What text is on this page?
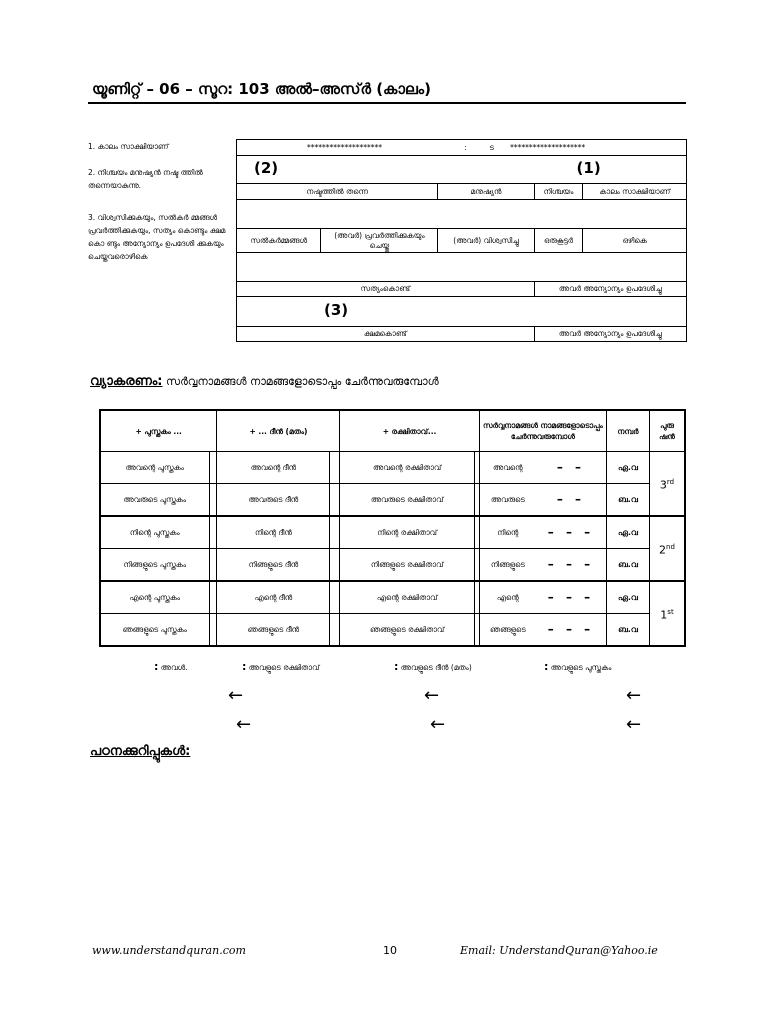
യൂണിറ്റ് – 06 – സൂറ: 103 അൽ–അസ്‌ർ (കാലം)
1. കാലം സാക്ഷിയാണ്
2. നിശ്ചയം മനുഷ്യൻ നഷ്ട ത്തിൽ തന്നെയാകുന്നു.
3. വിശ്വസിക്കുകയും, സൽകർ മ്മങ്ങൾ പ്രവർത്തിക്കുകയും, സത്യം കൊണ്ടും ക്ഷമ കൊ ണ്ടും അന്യോന്യം ഉപദേശി ക്കുകയും ചെയ്തവരൊഴികെ
******************** : ട ********************				
(2) (1)				
നഷ്ടത്തിൽ തന്നെ		മനുഷ്യൻ	നിശ്ചയം	കാലം സാക്ഷിയാണ്

സൽകർമ്മങ്ങൾ	(അവർ) പ്രവർത്തിക്കുകയും ചെയ്തു	(അവർ) വിശ്വസിച്ചു	ഒരുകൂട്ടർ	ഒഴികെ

സത്യംകൊണ്ട്			അവർ അന്യോന്യം ഉപദേശിച്ചു	
(3)				
ക്ഷമകൊണ്ട്			അവർ അന്യോന്യം ഉപദേശിച്ചു	
വ്യാകരണം: സർവ്വനാമങ്ങൾ നാമങ്ങളോടൊപ്പം ചേർന്നുവരുമ്പോൾ
+ പുസ്തകം ...		+ ... ദീൻ (മതം)		+ രക്ഷിതാവ്...		സർവ്വനാമങ്ങൾ നാമങ്ങളോടൊപ്പം ചേർന്നുവരുമ്പോൾ		നമ്പർ	പുരു ഷൻ
അവന്റെ പുസ്തകം		അവന്റെ ദീൻ		അവന്റെ രക്ഷിതാവ്		അവന്റെ	– –	ഏ.വ	3rd
അവരുടെ പുസ്തകം		അവരുടെ ദീൻ		അവരുടെ രക്ഷിതാവ്		അവരുടെ	– –	ബ.വ	
നിന്റെ പുസ്തകം		നിന്റെ ദീൻ		നിന്റെ രക്ഷിതാവ്		നിന്റെ	– – –	ഏ.വ	2nd
നിങ്ങളുടെ പുസ്തകം		നിങ്ങളുടെ ദീൻ		നിങ്ങളുടെ രക്ഷിതാവ്		നിങ്ങളുടെ	– – –	ബ.വ	
എന്റെ പുസ്തകം		എന്റെ ദീൻ		എന്റെ രക്ഷിതാവ്		എന്റെ	– – –	ഏ.വ	1st
ഞങ്ങളുടെ പുസ്തകം		ഞങ്ങളുടെ ദീൻ		ഞങ്ങളുടെ രക്ഷിതാവ്		ഞങ്ങളുടെ	– – –	ബ.വ	
: അവൾ.	: അവളുടെ രക്ഷിതാവ്	: അവളുടെ ദീൻ (മതം)	: അവളുടെ പുസ്തകം
←	←	←
←	←	←
പഠനക്കുറിപ്പുകൾ:
www.understandquran.com	10	Email: UnderstandQuran@Yahoo.ie
